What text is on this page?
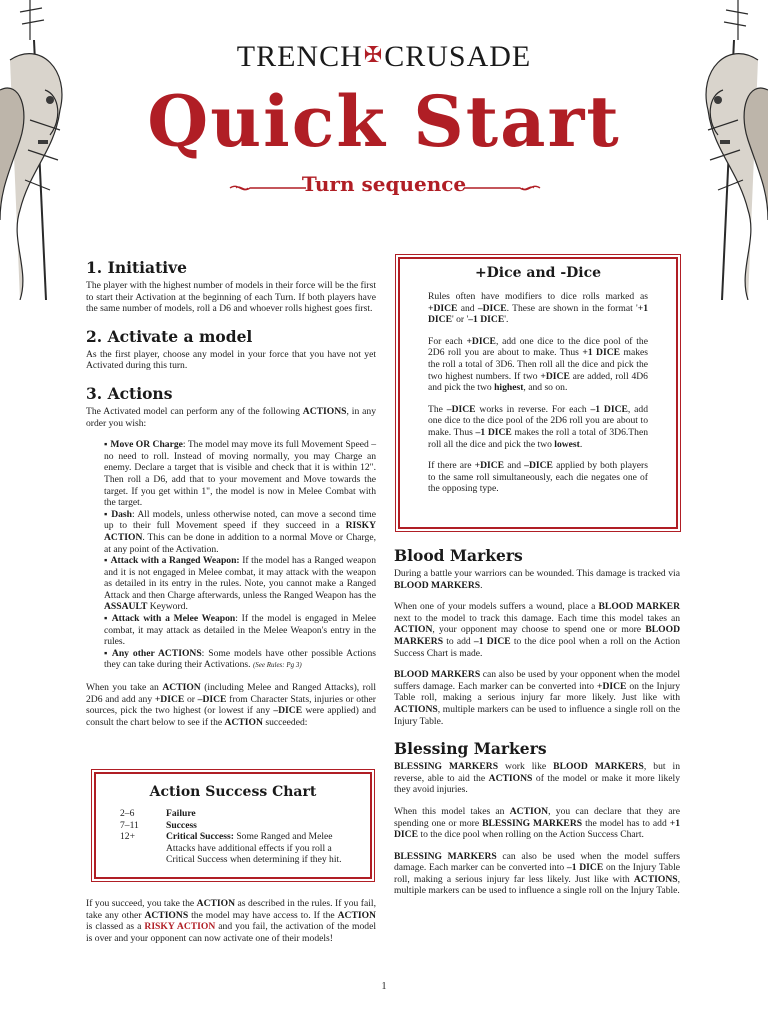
TRENCH✠CRUSADE
Quick Start
Turn sequence
1. Initiative

The player with the highest number of models in their force will be the first to start their Activation at the beginning of each Turn. If both players have the same number of models, roll a D6 and whoever rolls highest goes first.

2. Activate a model

As the first player, choose any model in your force that you have not yet Activated during this turn.

3. Actions

The Activated model can perform any of the following ACTIONS, in any order you wish:

▪ Move OR Charge: The model may move its full Movement Speed – no need to roll. Instead of moving normally, you may Charge an enemy. Declare a target that is visible and check that it is within 12". Then roll a D6, add that to your movement and Move towards the target. If you get within 1", the model is now in Melee Combat with the target.
▪ Dash: All models, unless otherwise noted, can move a second time up to their full Movement speed if they succeed in a RISKY ACTION. This can be done in addition to a normal Move or Charge, at any point of the Activation.
▪ Attack with a Ranged Weapon: If the model has a Ranged weapon and it is not engaged in Melee combat, it may attack with the weapon as detailed in its entry in the rules. Note, you cannot make a Ranged Attack and then Charge afterwards, unless the Ranged Weapon has the ASSAULT Keyword.
▪ Attack with a Melee Weapon: If the model is engaged in Melee combat, it may attack as detailed in the Melee Weapon's entry in the rules.
▪ Any other ACTIONS: Some models have other possible Actions they can take during their Activations. (See Rules: Pg 3)

When you take an ACTION (including Melee and Ranged Attacks), roll 2D6 and add any +DICE or –DICE from Character Stats, injuries or other sources, pick the two highest (or lowest if any –DICE were applied) and consult the chart below to see if the ACTION succeeded:

Action Success Chart
2–6	Failure
7–11	Success
12+	Critical Success: Some Ranged and Melee Attacks have additional effects if you roll a Critical Success when determining if they hit.

If you succeed, you take the ACTION as described in the rules. If you fail, take any other ACTIONS the model may have access to. If the ACTION is classed as a RISKY ACTION and you fail, the activation of the model is over and your opponent can now activate one of their models!

+Dice and -Dice

Rules often have modifiers to dice rolls marked as +DICE and –DICE. These are shown in the format '+1 DICE' or '–1 DICE'.

For each +DICE, add one dice to the dice pool of the 2D6 roll you are about to make. Thus +1 DICE makes the roll a total of 3D6. Then roll all the dice and pick the two highest numbers. If two +DICE are added, roll 4D6 and pick the two highest, and so on.

The –DICE works in reverse. For each –1 DICE, add one dice to the dice pool of the 2D6 roll you are about to make. Thus –1 DICE makes the roll a total of 3D6.Then roll all the dice and pick the two lowest.

If there are +DICE and –DICE applied by both players to the same roll simultaneously, each die negates one of the opposing type.

Blood Markers

During a battle your warriors can be wounded. This damage is tracked via BLOOD MARKERS.

When one of your models suffers a wound, place a BLOOD MARKER next to the model to track this damage. Each time this model takes an ACTION, your opponent may choose to spend one or more BLOOD MARKERS to add –1 DICE to the dice pool when a roll on the Action Success Chart is made.

BLOOD MARKERS can also be used by your opponent when the model suffers damage. Each marker can be converted into +DICE on the Injury Table roll, making a serious injury far more likely. Just like with ACTIONS, multiple markers can be used to influence a single roll on the Injury Table.

Blessing Markers

BLESSING MARKERS work like BLOOD MARKERS, but in reverse, able to aid the ACTIONS of the model or make it more likely they avoid injuries.

When this model takes an ACTION, you can declare that they are spending one or more BLESSING MARKERS the model has to add +1 DICE to the dice pool when rolling on the Action Success Chart.

BLESSING MARKERS can also be used when the model suffers damage. Each marker can be converted into –1 DICE on the Injury Table roll, making a serious injury far less likely. Just like with ACTIONS, multiple markers can be used to influence a single roll on the Injury Table.

1
